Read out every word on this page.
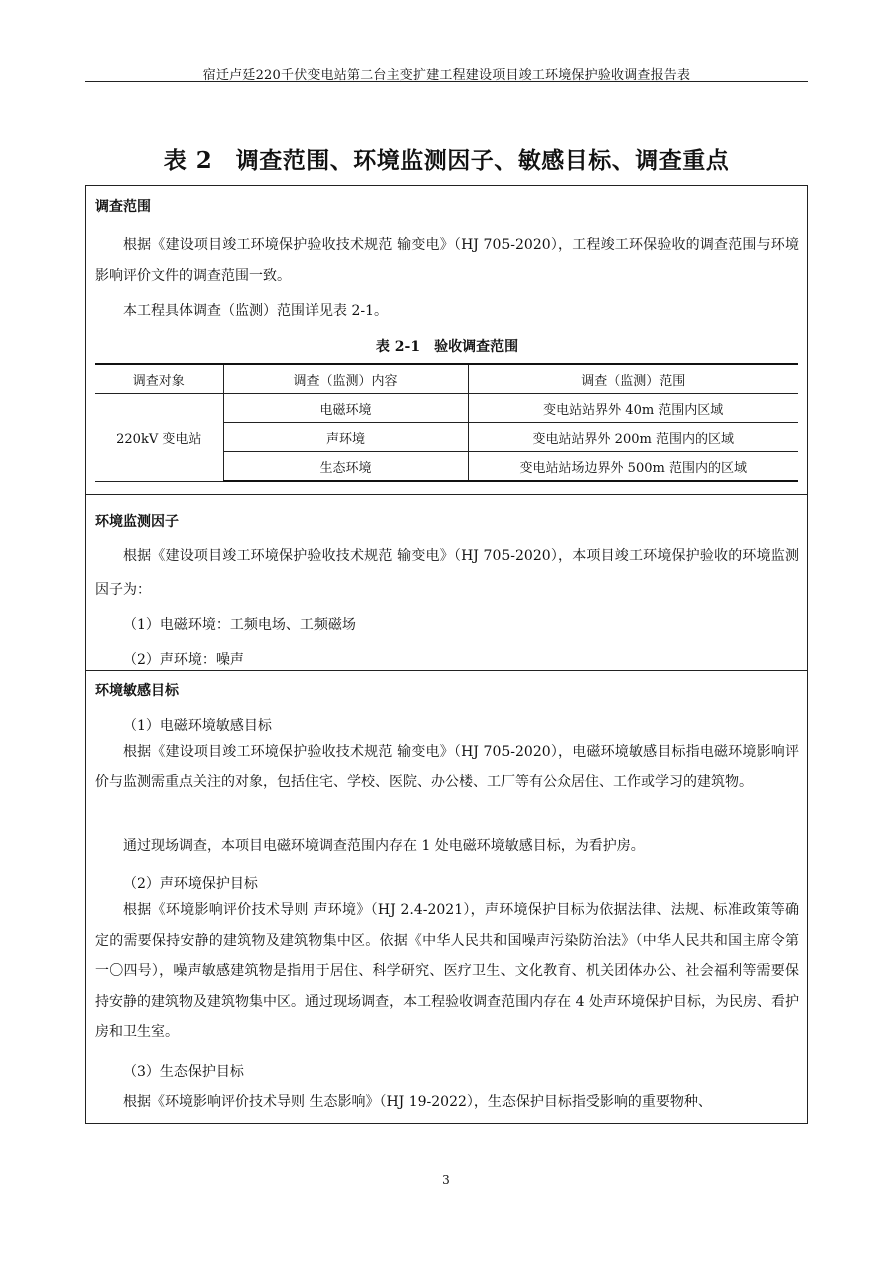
宿迁卢廷220千伏变电站第二台主变扩建工程建设项目竣工环境保护验收调查报告表
表 2　调查范围、环境监测因子、敏感目标、调查重点
调查范围
根据《建设项目竣工环境保护验收技术规范 输变电》（HJ 705-2020），工程竣工环保验收的调查范围与环境影响评价文件的调查范围一致。
本工程具体调查（监测）范围详见表 2-1。
表 2-1　验收调查范围
调查对象	调查（监测）内容	调查（监测）范围
220kV 变电站	电磁环境	变电站站界外 40m 范围内区域
	声环境	变电站站界外 200m 范围内的区域
	生态环境	变电站站场边界外 500m 范围内的区域
环境监测因子
根据《建设项目竣工环境保护验收技术规范 输变电》（HJ 705-2020），本项目竣工环境保护验收的环境监测因子为：
（1）电磁环境：工频电场、工频磁场
（2）声环境：噪声
环境敏感目标
（1）电磁环境敏感目标
根据《建设项目竣工环境保护验收技术规范 输变电》（HJ 705-2020），电磁环境敏感目标指电磁环境影响评价与监测需重点关注的对象，包括住宅、学校、医院、办公楼、工厂等有公众居住、工作或学习的建筑物。
通过现场调查，本项目电磁环境调查范围内存在 1 处电磁环境敏感目标，为看护房。
（2）声环境保护目标
根据《环境影响评价技术导则 声环境》（HJ 2.4-2021），声环境保护目标为依据法律、法规、标准政策等确定的需要保持安静的建筑物及建筑物集中区。依据《中华人民共和国噪声污染防治法》（中华人民共和国主席令第一〇四号），噪声敏感建筑物是指用于居住、科学研究、医疗卫生、文化教育、机关团体办公、社会福利等需要保持安静的建筑物及建筑物集中区。通过现场调查，本工程验收调查范围内存在 4 处声环境保护目标，为民房、看护房和卫生室。
（3）生态保护目标
根据《环境影响评价技术导则 生态影响》（HJ 19-2022），生态保护目标指受影响的重要物种、
3
